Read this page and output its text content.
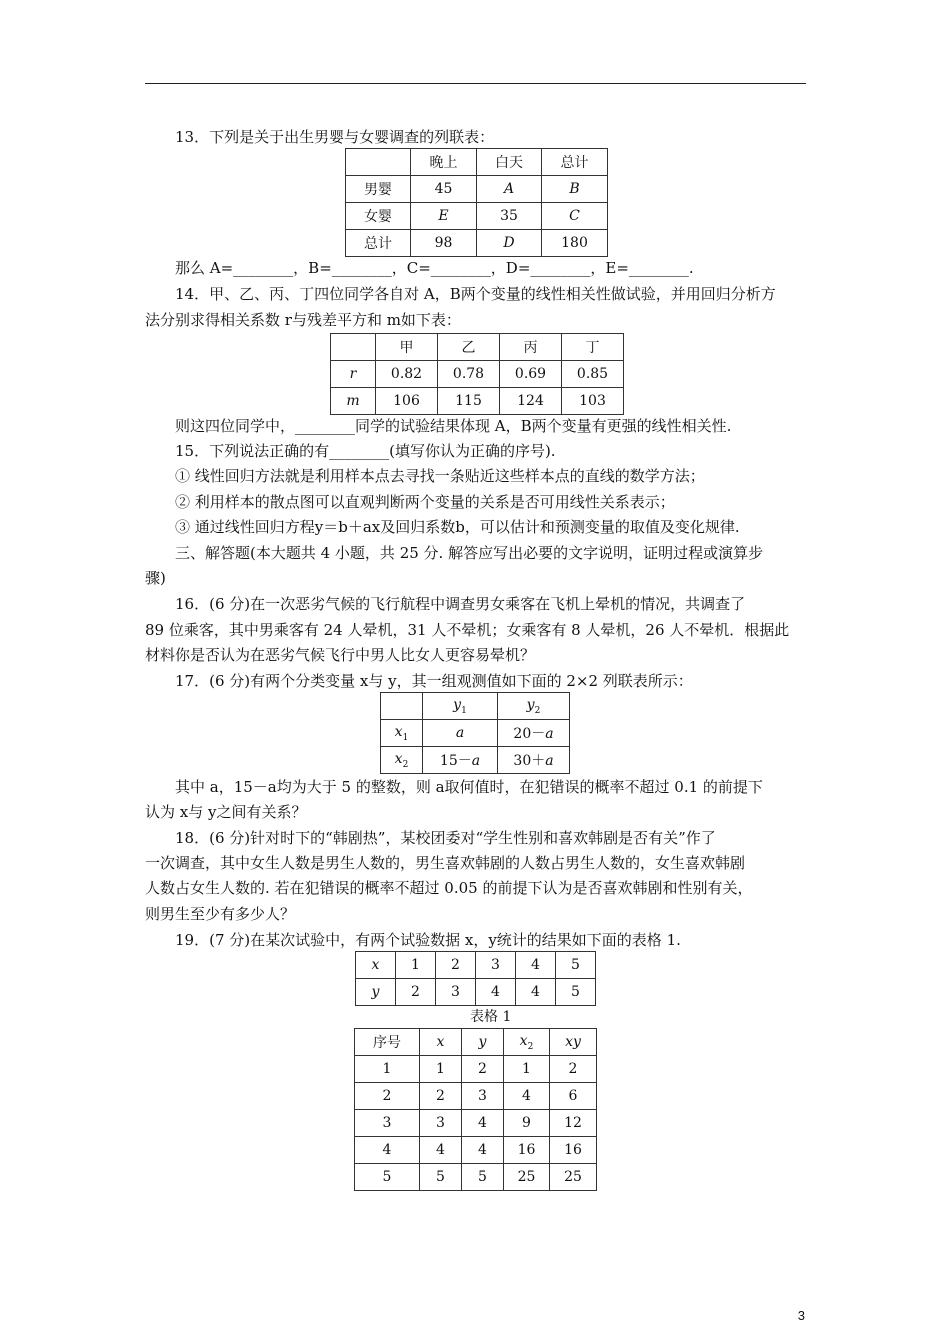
13．下列是关于出生男婴与女婴调查的列联表：
	晚上	白天	总计
男婴	45	A	B
女婴	E	35	C
总计	98	D	180
那么 A=________，B=________，C=________，D=________，E=________.
14．甲、乙、丙、丁四位同学各自对 A，B两个变量的线性相关性做试验，并用回归分析方
法分别求得相关系数 r与残差平方和 m如下表：
	甲	乙	丙	丁
r	0.82	0.78	0.69	0.85
m	106	115	124	103
则这四位同学中，________同学的试验结果体现 A，B两个变量有更强的线性相关性.
15．下列说法正确的有________(填写你认为正确的序号).
① 线性回归方法就是利用样本点去寻找一条贴近这些样本点的直线的数学方法；
② 利用样本的散点图可以直观判断两个变量的关系是否可用线性关系表示；
③ 通过线性回归方程y＝b＋ax及回归系数b，可以估计和预测变量的取值及变化规律.
三、解答题(本大题共 4 小题，共 25 分. 解答应写出必要的文字说明，证明过程或演算步
骤)
16．(6 分)在一次恶劣气候的飞行航程中调查男女乘客在飞机上晕机的情况，共调查了
89 位乘客，其中男乘客有 24 人晕机，31 人不晕机；女乘客有 8 人晕机，26 人不晕机．根据此
材料你是否认为在恶劣气候飞行中男人比女人更容易晕机？
17．(6 分)有两个分类变量 x与 y，其一组观测值如下面的 2×2 列联表所示：
	$y_1$	$y_2$
$x_1$	a	20－a
$x_2$	15－a	30＋a
其中 a，15－a均为大于 5 的整数，则 a取何值时，在犯错误的概率不超过 0.1 的前提下
认为 x与 y之间有关系？
18．(6 分)针对时下的“韩剧热”，某校团委对“学生性别和喜欢韩剧是否有关”作了
一次调查，其中女生人数是男生人数的，男生喜欢韩剧的人数占男生人数的，女生喜欢韩剧
人数占女生人数的. 若在犯错误的概率不超过 0.05 的前提下认为是否喜欢韩剧和性别有关，
则男生至少有多少人？
19．(7 分)在某次试验中，有两个试验数据 x，y统计的结果如下面的表格 1.
x	1	2	3	4	5
y	2	3	4	4	5
表格 1
序号	x	y	$x_2$	xy
1	1	2	1	2
2	2	3	4	6
3	3	4	9	12
4	4	4	16	16
5	5	5	25	25
3
